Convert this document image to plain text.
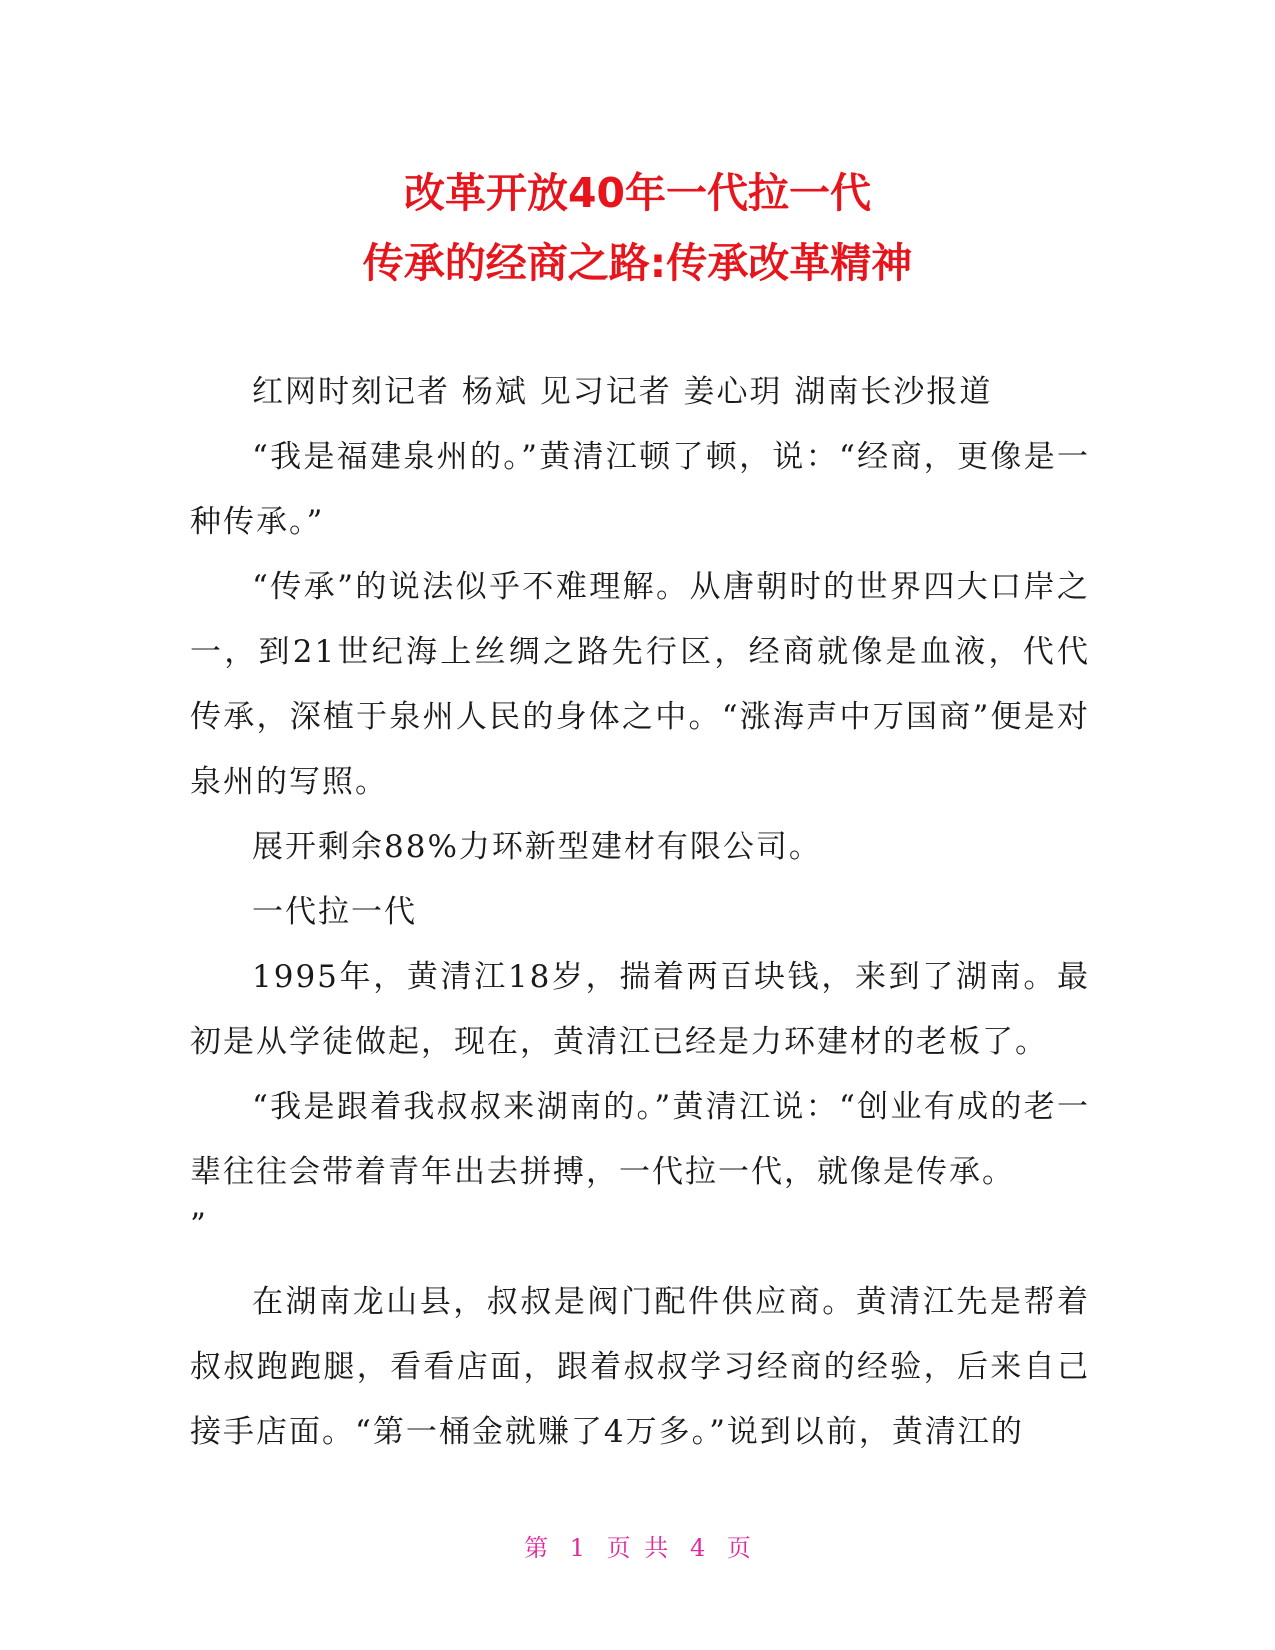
改革开放40年一代拉一代
传承的经商之路:传承改革精神

红网时刻记者 杨斌 见习记者 姜心玥 湖南长沙报道

“我是福建泉州的。”黄清江顿了顿，说：“经商，更像是一种传承。”

“传承”的说法似乎不难理解。从唐朝时的世界四大口岸之一，到21世纪海上丝绸之路先行区，经商就像是血液，代代传承，深植于泉州人民的身体之中。“涨海声中万国商”便是对泉州的写照。

展开剩余88%力环新型建材有限公司。

一代拉一代

1995年，黄清江18岁，揣着两百块钱，来到了湖南。最初是从学徒做起，现在，黄清江已经是力环建材的老板了。

“我是跟着我叔叔来湖南的。”黄清江说：“创业有成的老一辈往往会带着青年出去拼搏，一代拉一代，就像是传承。

”

在湖南龙山县，叔叔是阀门配件供应商。黄清江先是帮着叔叔跑跑腿，看看店面，跟着叔叔学习经商的经验，后来自己接手店面。“第一桶金就赚了4万多。”说到以前，黄清江的

第 1 页 共 4 页
